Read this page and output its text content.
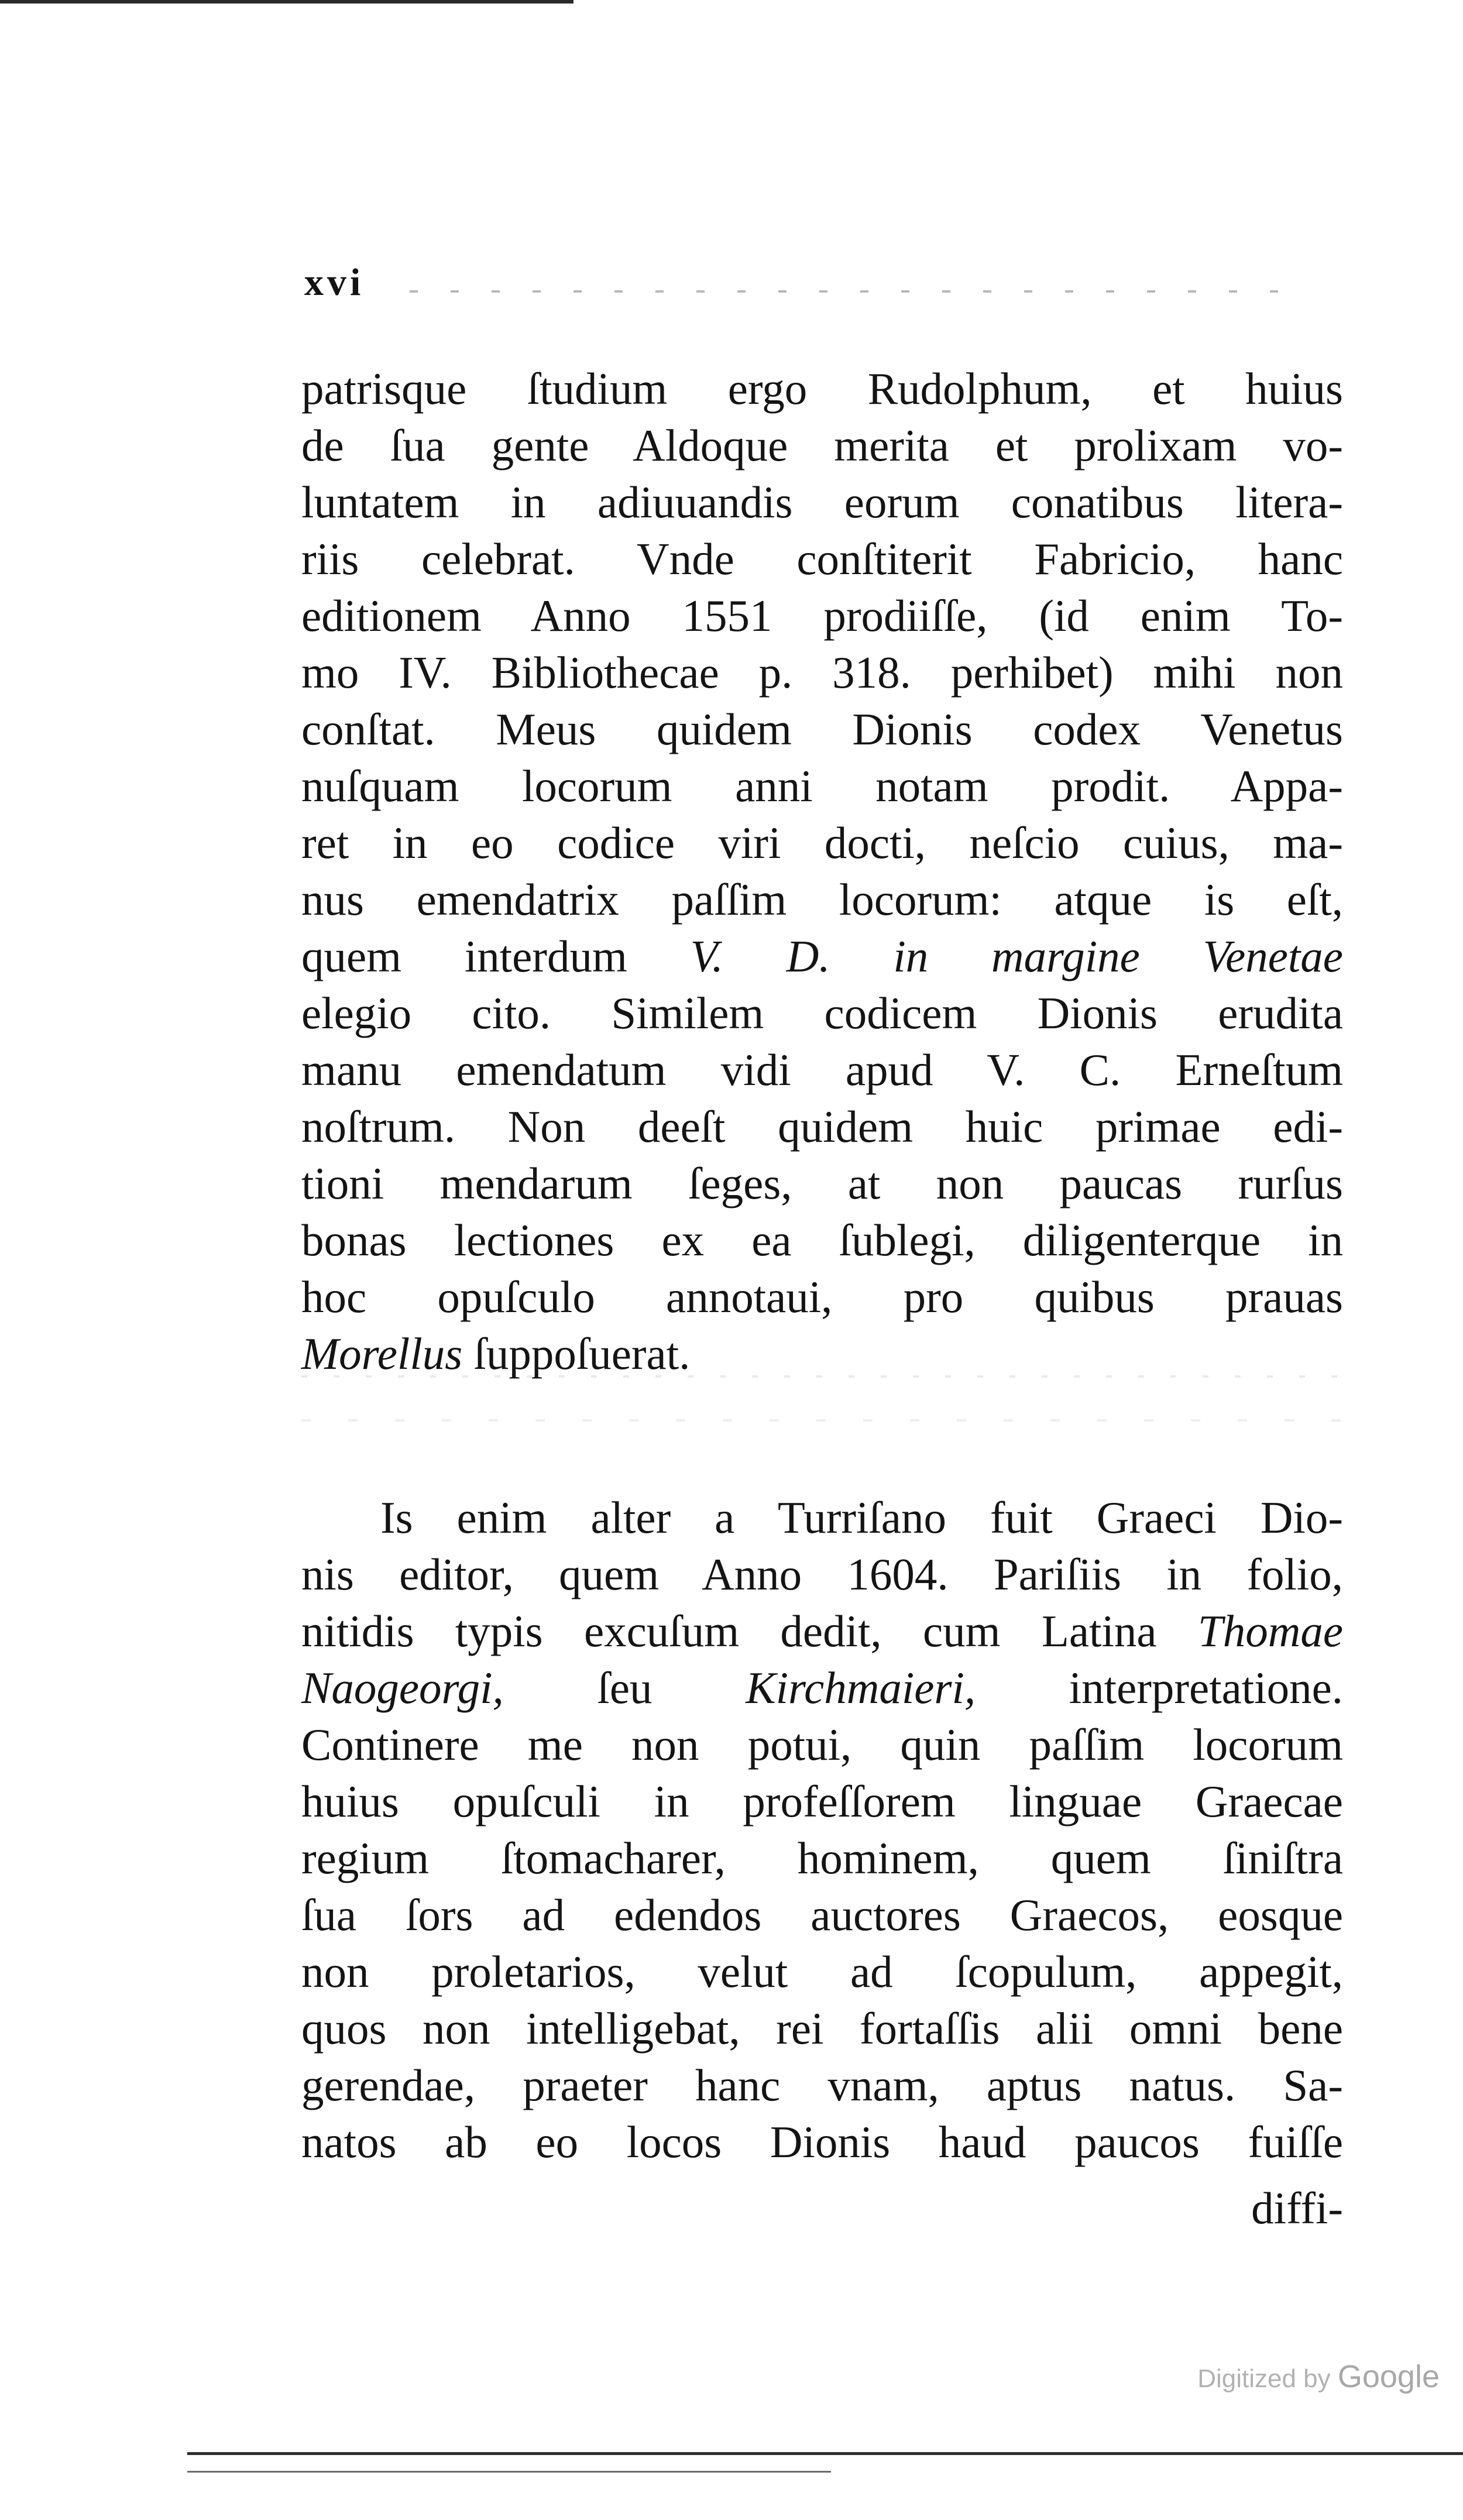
xvi

patrisque ſtudium ergo Rudolphum, et huius
de ſua gente Aldoque merita et prolixam vo-
luntatem in adiuuandis eorum conatibus litera-
riis celebrat. Vnde conſtiterit Fabricio, hanc
editionem Anno 1551 prodiiſſe, (id enim To-
mo IV. Bibliothecae p. 318. perhibet) mihi non
conſtat. Meus quidem Dionis codex Venetus
nuſquam locorum anni notam prodit. Appa-
ret in eo codice viri docti, neſcio cuius, ma-
nus emendatrix paſſim locorum: atque is eſt,
quem interdum V. D. in margine Venetae
elegio cito. Similem codicem Dionis erudita
manu emendatum vidi apud V. C. Erneſtum
noſtrum. Non deeſt quidem huic primae edi-
tioni mendarum ſeges, at non paucas rurſus
bonas lectiones ex ea ſublegi, diligenterque in
hoc opuſculo annotaui, pro quibus prauas
Morellus ſuppoſuerat.

Is enim alter a Turriſano fuit Graeci Dio-
nis editor, quem Anno 1604. Pariſiis in folio,
nitidis typis excuſum dedit, cum Latina Thomae
Naogeorgi, ſeu Kirchmaieri, interpretatione.
Continere me non potui, quin paſſim locorum
huius opuſculi in profeſſorem linguae Graecae
regium ſtomacharer, hominem, quem ſiniſtra
ſua ſors ad edendos auctores Graecos, eosque
non proletarios, velut ad ſcopulum, appegit,
quos non intelligebat, rei fortaſſis alii omni bene
gerendae, praeter hanc vnam, aptus natus. Sa-
natos ab eo locos Dionis haud paucos fuiſſe

diffi-
Digitized by Google
